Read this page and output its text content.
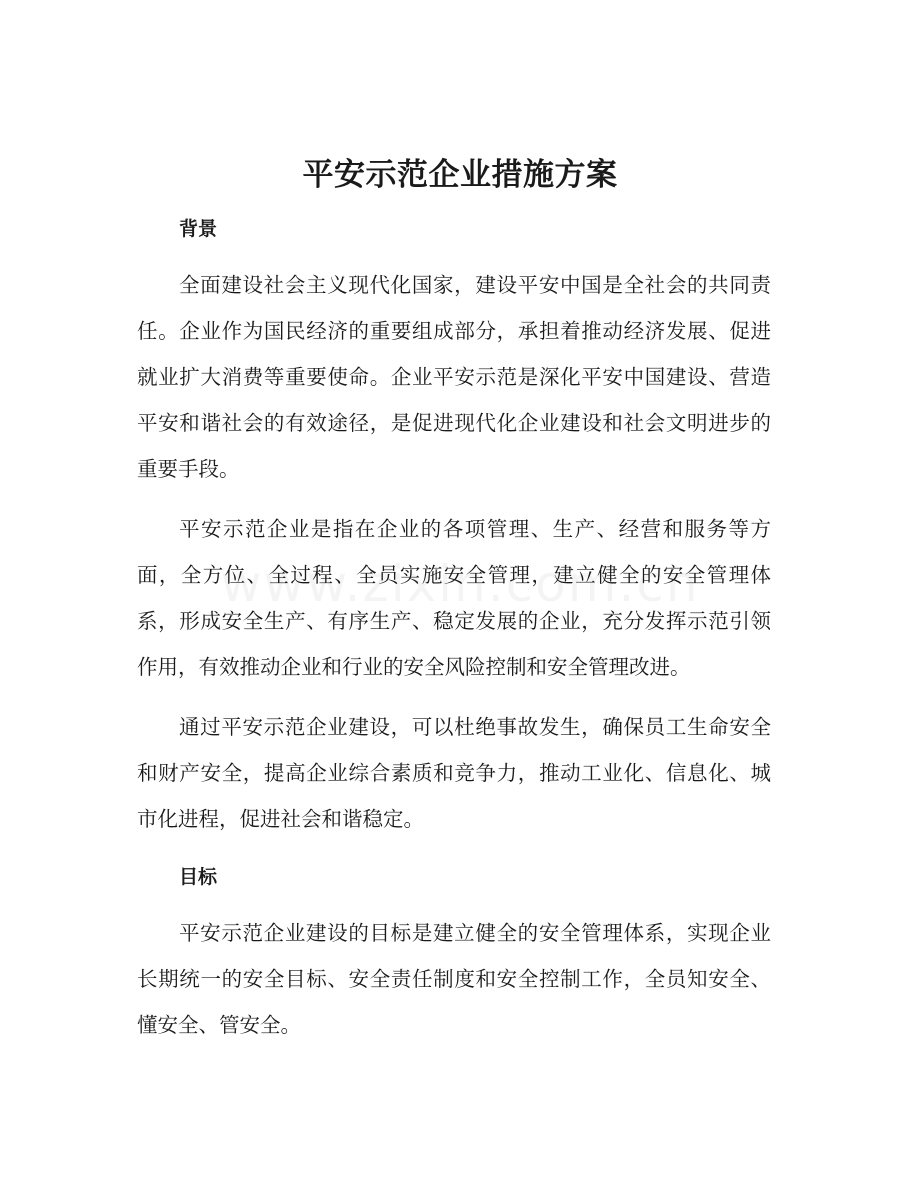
平安示范企业措施方案
背景

全面建设社会主义现代化国家，建设平安中国是全社会的共同责任。企业作为国民经济的重要组成部分，承担着推动经济发展、促进就业扩大消费等重要使命。企业平安示范是深化平安中国建设、营造平安和谐社会的有效途径，是促进现代化企业建设和社会文明进步的重要手段。

平安示范企业是指在企业的各项管理、生产、经营和服务等方面，全方位、全过程、全员实施安全管理，建立健全的安全管理体系，形成安全生产、有序生产、稳定发展的企业，充分发挥示范引领作用，有效推动企业和行业的安全风险控制和安全管理改进。

通过平安示范企业建设，可以杜绝事故发生，确保员工生命安全和财产安全，提高企业综合素质和竞争力，推动工业化、信息化、城市化进程，促进社会和谐稳定。

目标

平安示范企业建设的目标是建立健全的安全管理体系，实现企业长期统一的安全目标、安全责任制度和安全控制工作，全员知安全、懂安全、管安全。
